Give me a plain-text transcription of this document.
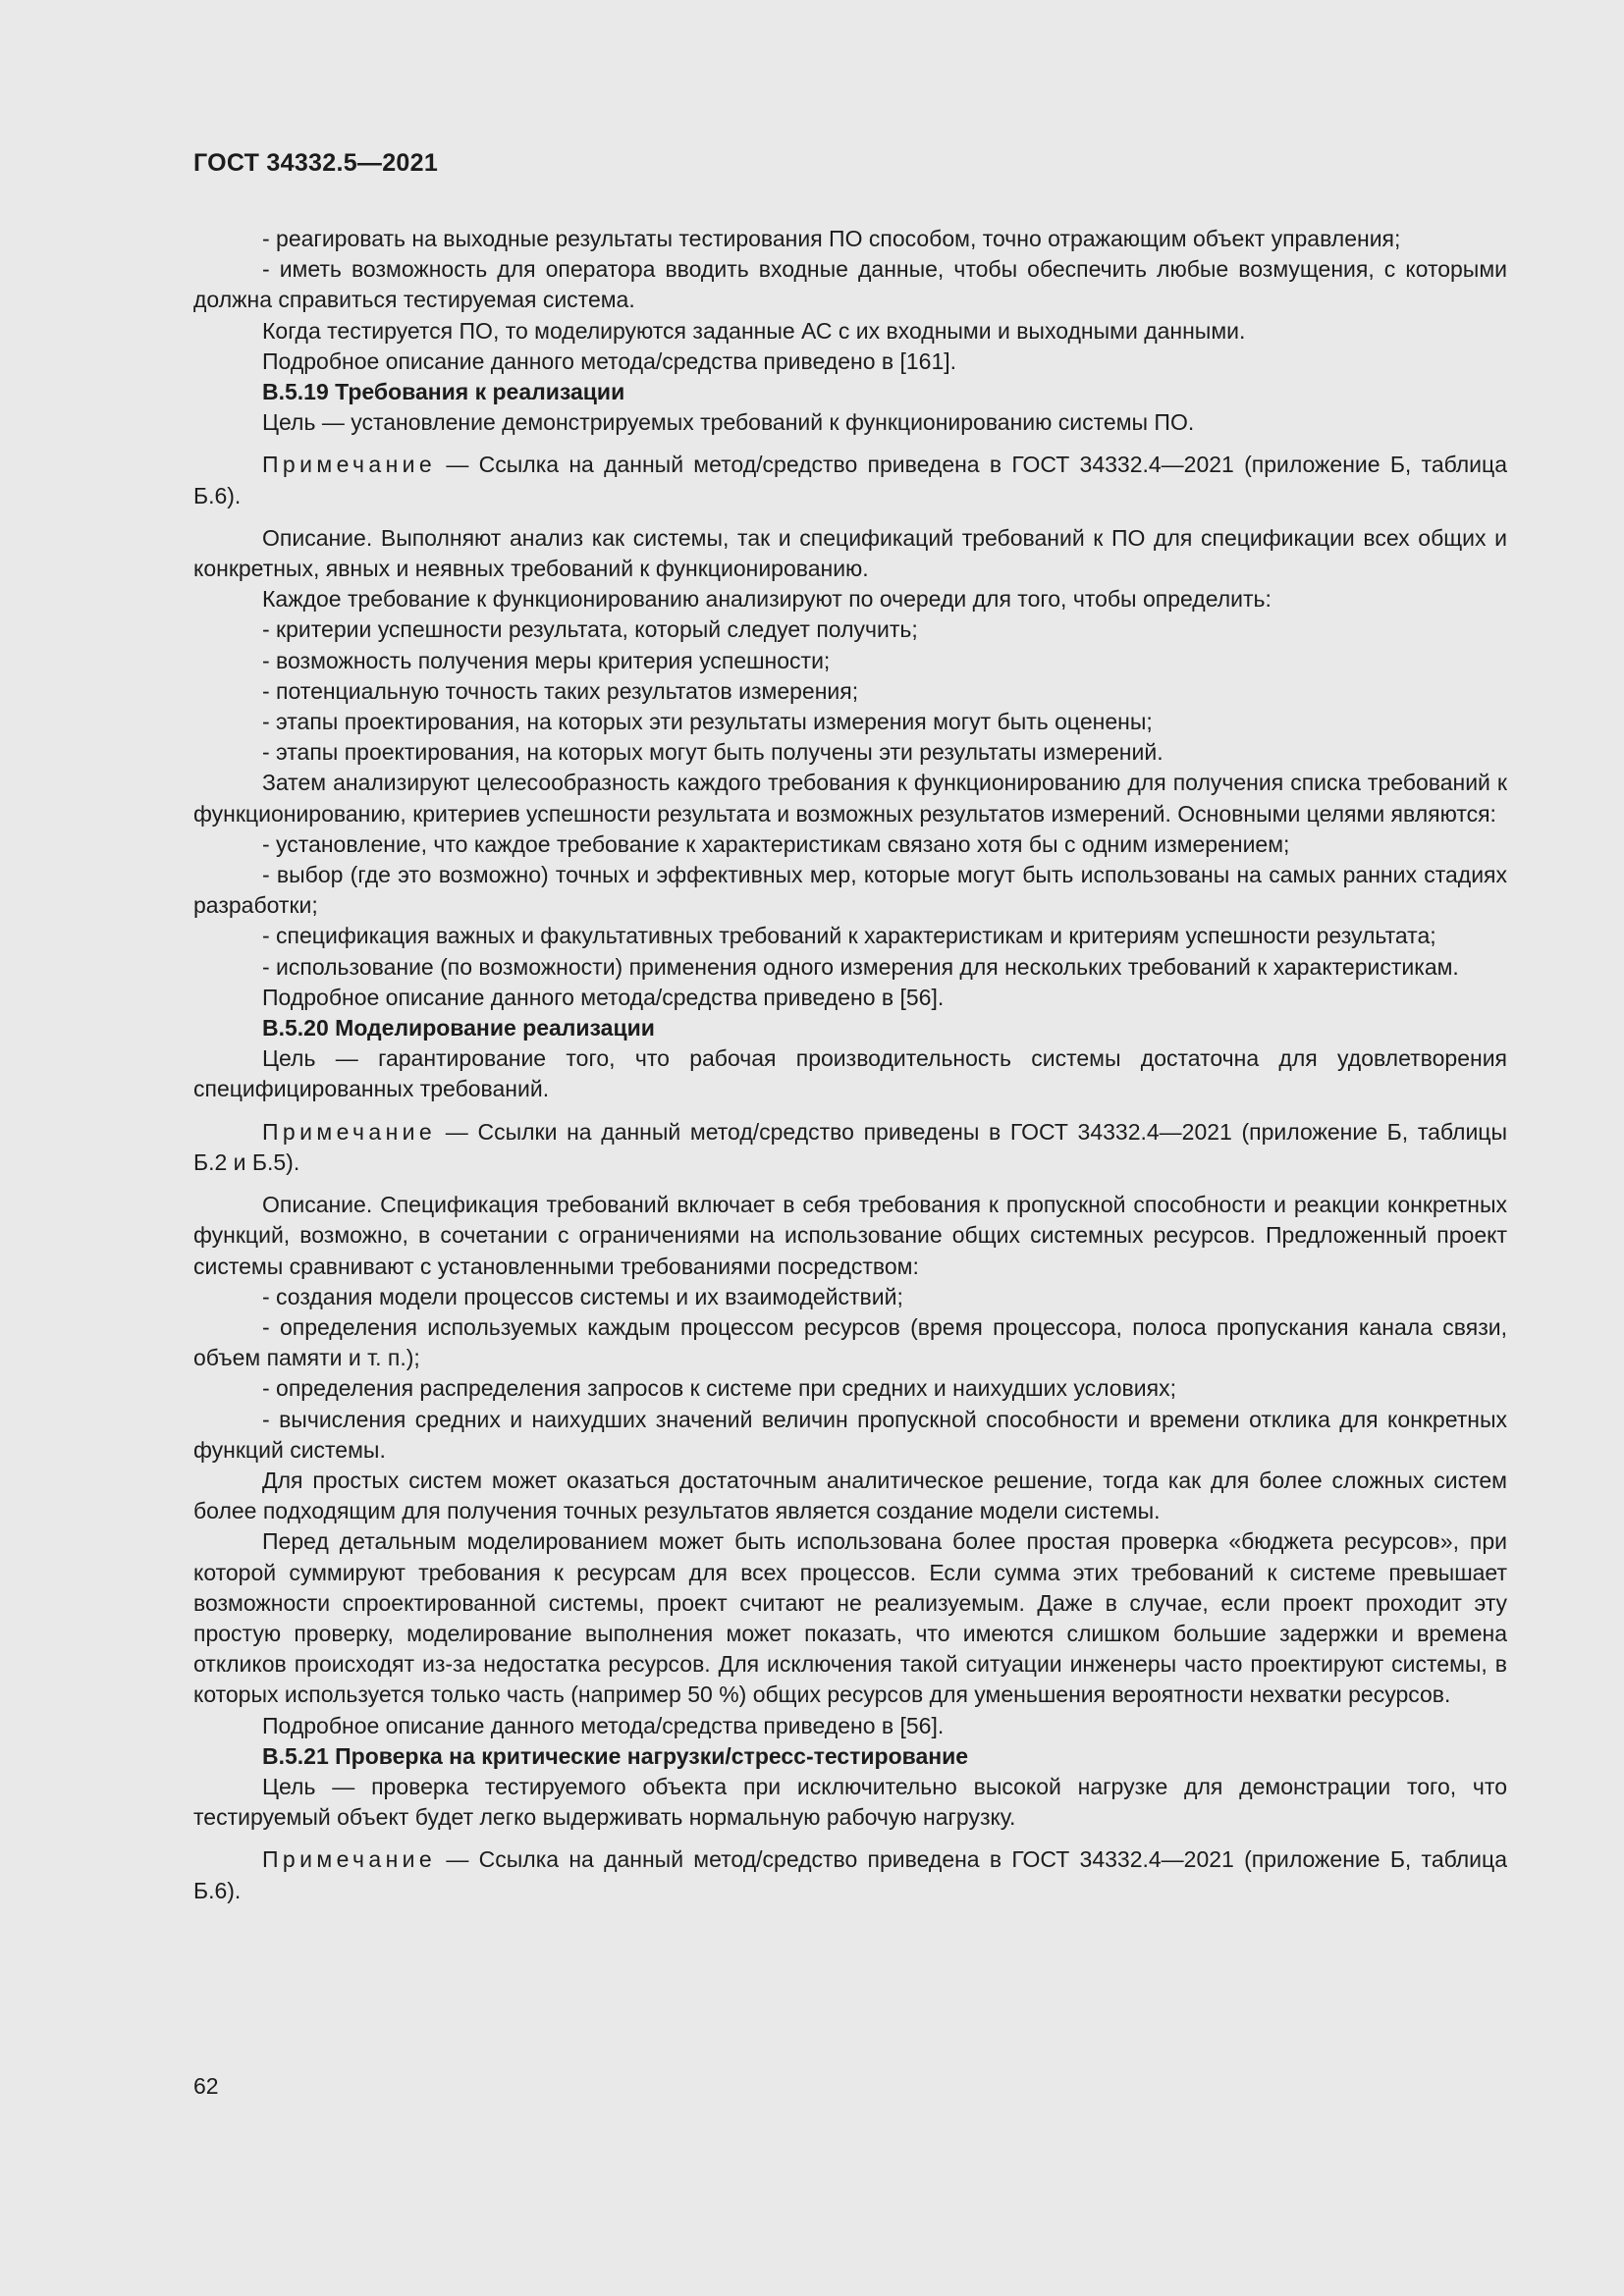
ГОСТ 34332.5—2021

- реагировать на выходные результаты тестирования ПО способом, точно отражающим объект управления;

- иметь возможность для оператора вводить входные данные, чтобы обеспечить любые возмущения, с которыми должна справиться тестируемая система.

Когда тестируется ПО, то моделируются заданные АС с их входными и выходными данными.

Подробное описание данного метода/средства приведено в [161].

В.5.19 Требования к реализации

Цель — установление демонстрируемых требований к функционированию системы ПО.

Примечание — Ссылка на данный метод/средство приведена в ГОСТ 34332.4—2021 (приложение Б, таблица Б.6).

Описание. Выполняют анализ как системы, так и спецификаций требований к ПО для спецификации всех общих и конкретных, явных и неявных требований к функционированию.

Каждое требование к функционированию анализируют по очереди для того, чтобы определить:

- критерии успешности результата, который следует получить;

- возможность получения меры критерия успешности;

- потенциальную точность таких результатов измерения;

- этапы проектирования, на которых эти результаты измерения могут быть оценены;

- этапы проектирования, на которых могут быть получены эти результаты измерений.

Затем анализируют целесообразность каждого требования к функционированию для получения списка требований к функционированию, критериев успешности результата и возможных результатов измерений. Основными целями являются:

- установление, что каждое требование к характеристикам связано хотя бы с одним измерением;

- выбор (где это возможно) точных и эффективных мер, которые могут быть использованы на самых ранних стадиях разработки;

- спецификация важных и факультативных требований к характеристикам и критериям успешности результата;

- использование (по возможности) применения одного измерения для нескольких требований к характеристикам.

Подробное описание данного метода/средства приведено в [56].

В.5.20 Моделирование реализации

Цель — гарантирование того, что рабочая производительность системы достаточна для удовлетворения специфицированных требований.

Примечание — Ссылки на данный метод/средство приведены в ГОСТ 34332.4—2021 (приложение Б, таблицы Б.2 и Б.5).

Описание. Спецификация требований включает в себя требования к пропускной способности и реакции конкретных функций, возможно, в сочетании с ограничениями на использование общих системных ресурсов. Предложенный проект системы сравнивают с установленными требованиями посредством:

- создания модели процессов системы и их взаимодействий;

- определения используемых каждым процессом ресурсов (время процессора, полоса пропускания канала связи, объем памяти и т. п.);

- определения распределения запросов к системе при средних и наихудших условиях;

- вычисления средних и наихудших значений величин пропускной способности и времени отклика для конкретных функций системы.

Для простых систем может оказаться достаточным аналитическое решение, тогда как для более сложных систем более подходящим для получения точных результатов является создание модели системы.

Перед детальным моделированием может быть использована более простая проверка «бюджета ресурсов», при которой суммируют требования к ресурсам для всех процессов. Если сумма этих требований к системе превышает возможности спроектированной системы, проект считают не реализуемым. Даже в случае, если проект проходит эту простую проверку, моделирование выполнения может показать, что имеются слишком большие задержки и времена откликов происходят из-за недостатка ресурсов. Для исключения такой ситуации инженеры часто проектируют системы, в которых используется только часть (например 50 %) общих ресурсов для уменьшения вероятности нехватки ресурсов.

Подробное описание данного метода/средства приведено в [56].

В.5.21 Проверка на критические нагрузки/стресс-тестирование

Цель — проверка тестируемого объекта при исключительно высокой нагрузке для демонстрации того, что тестируемый объект будет легко выдерживать нормальную рабочую нагрузку.

Примечание — Ссылка на данный метод/средство приведена в ГОСТ 34332.4—2021 (приложение Б, таблица Б.6).

62
